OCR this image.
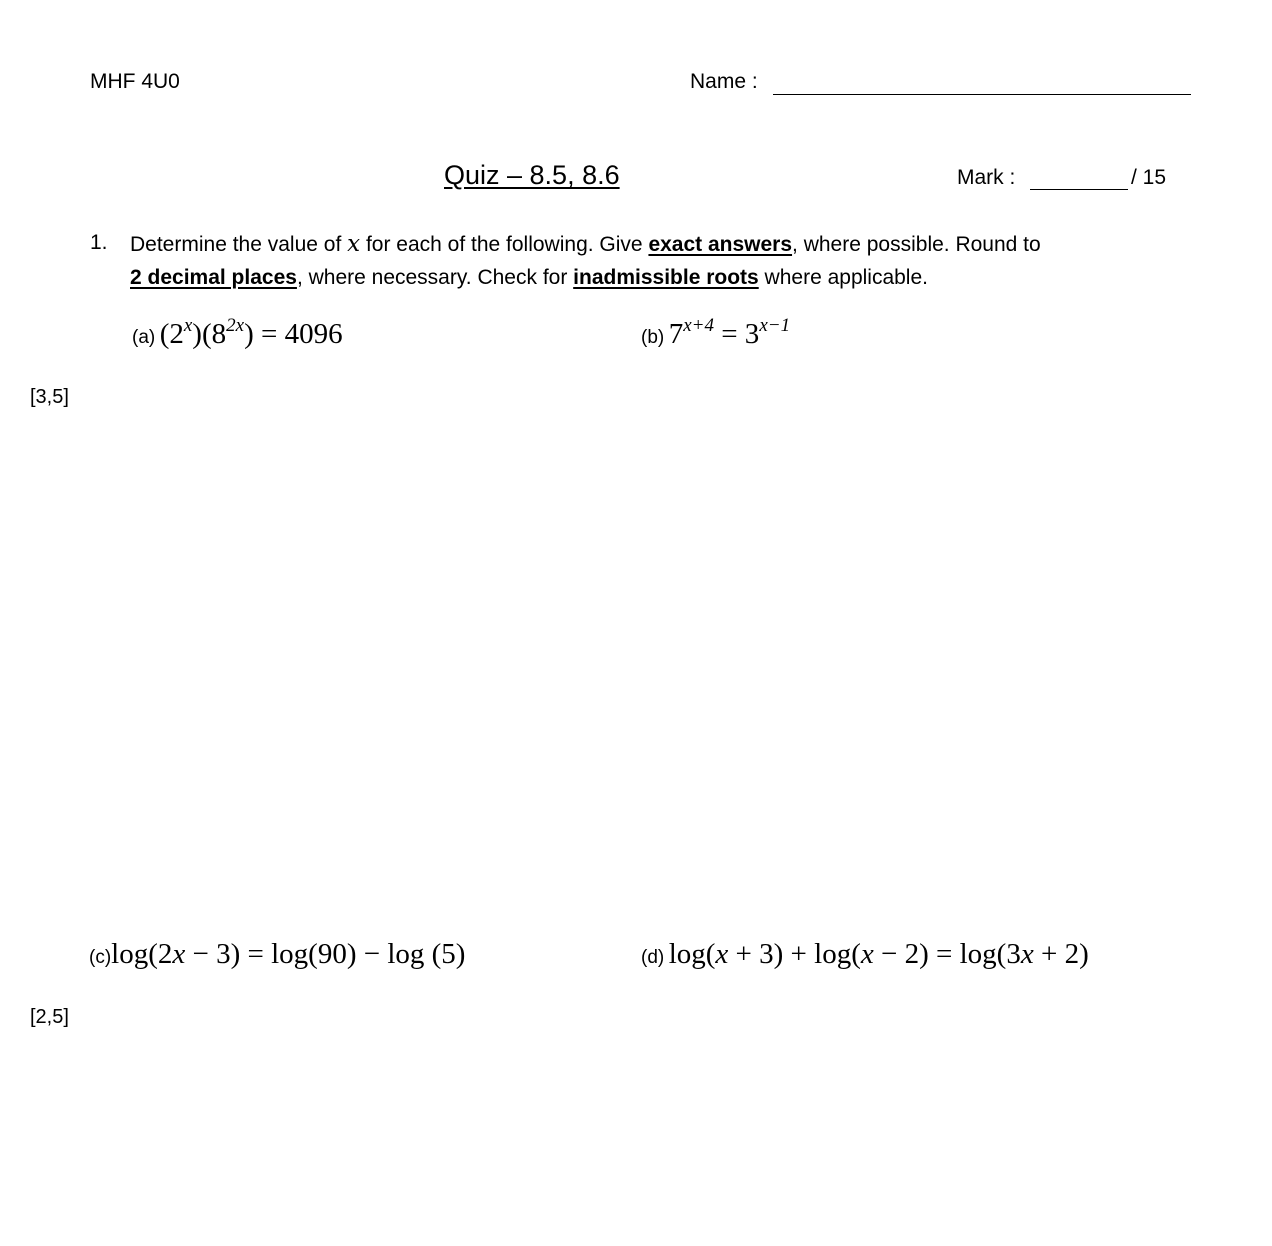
MHF 4U0	Name :
Quiz – 8.5, 8.6	Mark :	/ 15
1. Determine the value of x for each of the following. Give exact answers, where possible. Round to
2 decimal places, where necessary. Check for inadmissible roots where applicable.
(a) $(2^x)(8^{2x}) = 4096$	(b) $7^{x+4} = 3^{x-1}$
[3,5]
(c)log(2x − 3) = log(90) − log (5)	(d) log(x + 3) + log(x − 2) = log(3x + 2)
[2,5]
